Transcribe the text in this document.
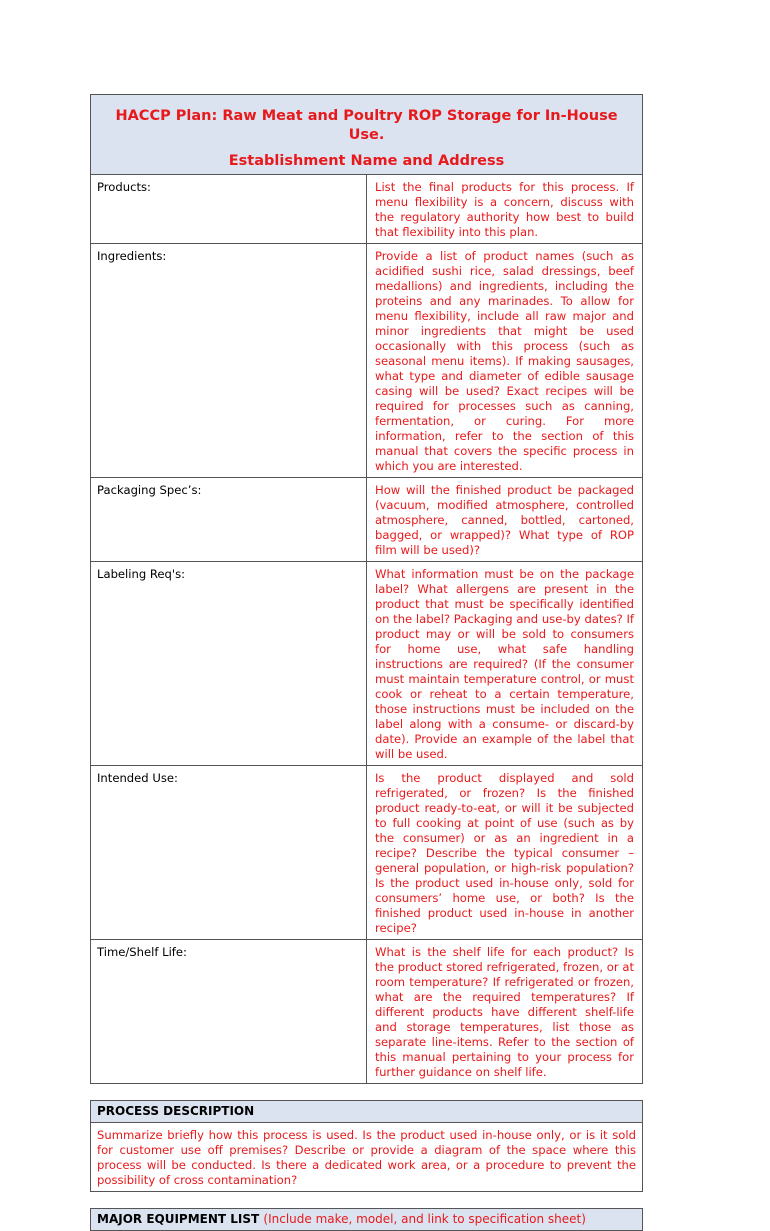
HACCP Plan: Raw Meat and Poultry ROP Storage for In-House Use.
Establishment Name and Address	

Products:	List the final products for this process. If menu flexibility is a concern, discuss with the regulatory authority how best to build that flexibility into this plan.
Ingredients:	Provide a list of product names (such as acidified sushi rice, salad dressings, beef medallions) and ingredients, including the proteins and any marinades. To allow for menu flexibility, include all raw major and minor ingredients that might be used occasionally with this process (such as seasonal menu items). If making sausages, what type and diameter of edible sausage casing will be used? Exact recipes will be required for processes such as canning, fermentation, or curing. For more information, refer to the section of this manual that covers the specific process in which you are interested.
Packaging Spec’s:	How will the finished product be packaged (vacuum, modified atmosphere, controlled atmosphere, canned, bottled, cartoned, bagged, or wrapped)? What type of ROP film will be used)?
Labeling Req's:	What information must be on the package label? What allergens are present in the product that must be specifically identified on the label? Packaging and use-by dates? If product may or will be sold to consumers for home use, what safe handling instructions are required? (If the consumer must maintain temperature control, or must cook or reheat to a certain temperature, those instructions must be included on the label along with a consume- or discard-by date). Provide an example of the label that will be used.
Intended Use:	Is the product displayed and sold refrigerated, or frozen? Is the finished product ready-to-eat, or will it be subjected to full cooking at point of use (such as by the consumer) or as an ingredient in a recipe? Describe the typical consumer – general population, or high-risk population? Is the product used in-house only, sold for consumers’ home use, or both? Is the finished product used in-house in another recipe?
Time/Shelf Life:	What is the shelf life for each product? Is the product stored refrigerated, frozen, or at room temperature? If refrigerated or frozen, what are the required temperatures? If different products have different shelf-life and storage temperatures, list those as separate line-items. Refer to the section of this manual pertaining to your process for further guidance on shelf life.
PROCESS DESCRIPTION
Summarize briefly how this process is used. Is the product used in-house only, or is it sold for customer use off premises? Describe or provide a diagram of the space where this process will be conducted. Is there a dedicated work area, or a procedure to prevent the possibility of cross contamination?
MAJOR EQUIPMENT LIST (Include make, model, and link to specification sheet)
